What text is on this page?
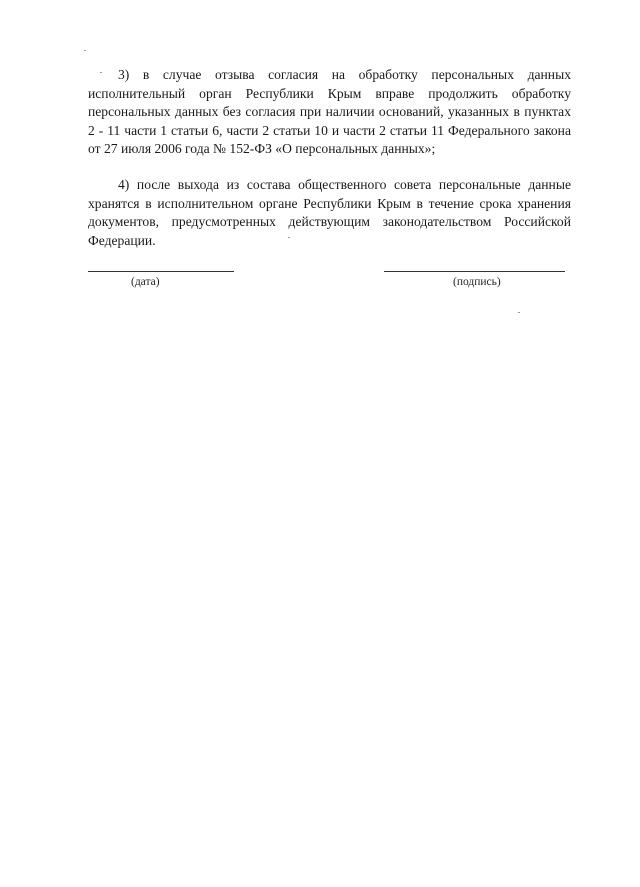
3) в случае отзыва согласия на обработку персональных данных исполнительный орган Республики Крым вправе продолжить обработку персональных данных без согласия при наличии оснований, указанных в пунктах 2 - 11 части 1 статьи 6, части 2 статьи 10 и части 2 статьи 11 Федерального закона от 27 июля 2006 года № 152-ФЗ «О персональных данных»;

4) после выхода из состава общественного совета персональные данные хранятся в исполнительном органе Республики Крым в течение срока хранения документов, предусмотренных действующим законодательством Российской Федерации.

(дата)	(подпись)
